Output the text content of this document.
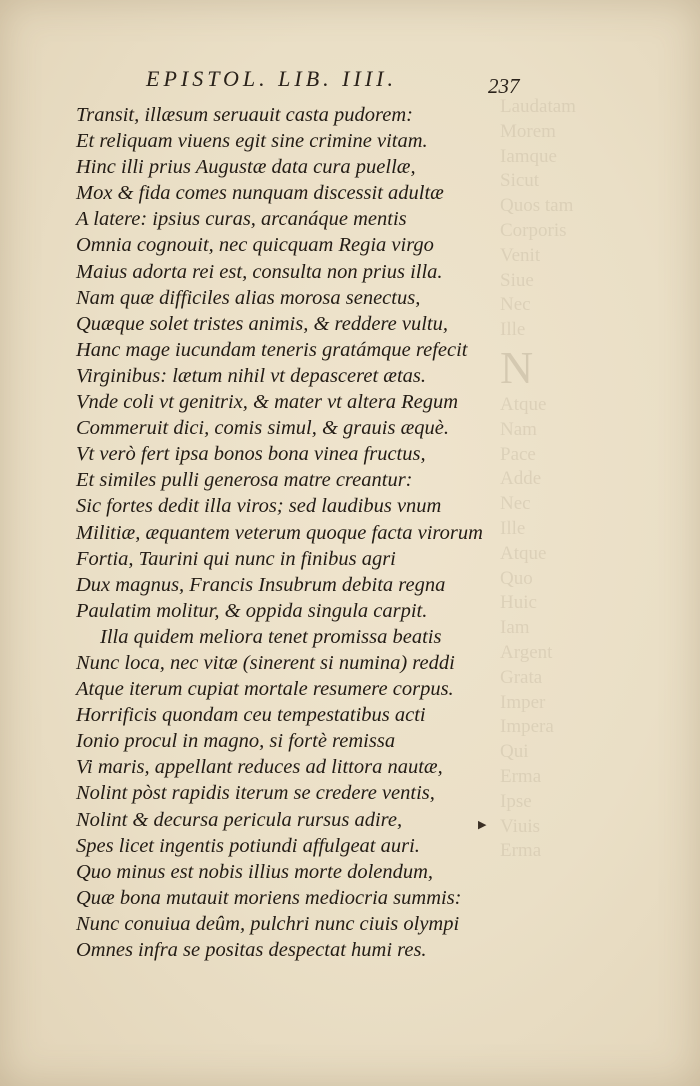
Laudatam
Morem
Iamque
Sicut
Quos tam
Corporis
Venit
Siue
Nec
Ille
N
Atque
Nam
Pace
Adde
Nec
Ille
Atque
Quo
Huic
Iam
Argent
Grata
Imper
Impera
Qui
Erma
Ipse
Viuis
Erma
EPISTOL. LIB. IIII.	237
Transit, illæsum seruauit casta pudorem:
Et reliquam viuens egit sine crimine vitam.
Hinc illi prius Augustæ data cura puellæ,
Mox & fida comes nunquam discessit adultæ
A latere: ipsius curas, arcanáque mentis
Omnia cognouit, nec quicquam Regia virgo
Maius adorta rei est, consulta non prius illa.
Nam quæ difficiles alias morosa senectus,
Quæque solet tristes animis, & reddere vultu,
Hanc mage iucundam teneris gratámque refecit
Virginibus: lætum nihil vt depasceret ætas.
Vnde coli vt genitrix, & mater vt altera Regum
Commeruit dici, comis simul, & grauis æquè.
Vt verò fert ipsa bonos bona vinea fructus,
Et similes pulli generosa matre creantur:
Sic fortes dedit illa viros; sed laudibus vnum
Militiæ, æquantem veterum quoque facta virorum
Fortia, Taurini qui nunc in finibus agri
Dux magnus, Francis Insubrum debita regna
Paulatim molitur, & oppida singula carpit.
Illa quidem meliora tenet promissa beatis
Nunc loca, nec vitæ (sinerent si numina) reddi
Atque iterum cupiat mortale resumere corpus.
Horrificis quondam ceu tempestatibus acti
Ionio procul in magno, si fortè remissa
Vi maris, appellant reduces ad littora nautæ,
Nolint pòst rapidis iterum se credere ventis,
Nolint & decursa pericula rursus adire,
Spes licet ingentis potiundi affulgeat auri.
Quo minus est nobis illius morte dolendum,
Quæ bona mutauit moriens mediocria summis:
Nunc conuiua deûm, pulchri nunc ciuis olympi
Omnes infra se positas despectat humi res.
▶
